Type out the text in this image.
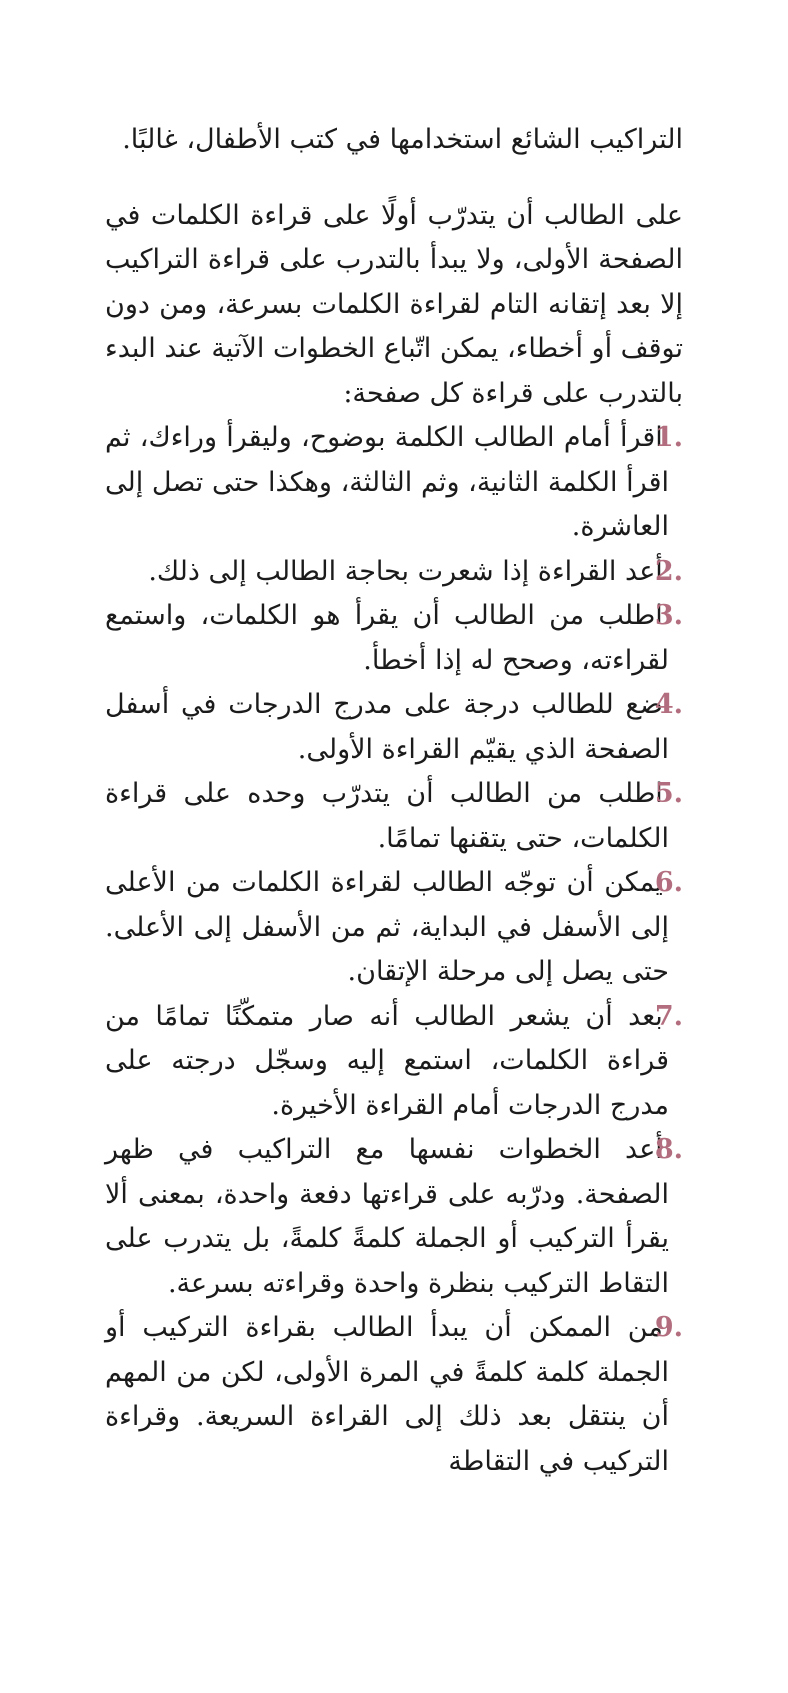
التراكيب الشائع استخدامها في كتب الأطفال، غالبًا.

على الطالب أن يتدرّب أولًا على قراءة الكلمات في الصفحة الأولى، ولا يبدأ بالتدرب على قراءة التراكيب إلا بعد إتقانه التام لقراءة الكلمات بسرعة، ومن دون توقف أو أخطاء، يمكن اتّباع الخطوات الآتية عند البدء بالتدرب على قراءة كل صفحة:

1.اقرأ أمام الطالب الكلمة بوضوح، وليقرأ وراءك، ثم اقرأ الكلمة الثانية، وثم الثالثة، وهكذا حتى تصل إلى العاشرة.

2.أعد القراءة إذا شعرت بحاجة الطالب إلى ذلك.

3.اطلب من الطالب أن يقرأ هو الكلمات، واستمع لقراءته، وصحح له إذا أخطأ.

4.ضع للطالب درجة على مدرج الدرجات في أسفل الصفحة الذي يقيّم القراءة الأولى.

5.اطلب من الطالب أن يتدرّب وحده على قراءة الكلمات، حتى يتقنها تمامًا.

6.يمكن أن توجّه الطالب لقراءة الكلمات من الأعلى إلى الأسفل في البداية، ثم من الأسفل إلى الأعلى. حتى يصل إلى مرحلة الإتقان.

7.بعد أن يشعر الطالب أنه صار متمكّنًا تمامًا من قراءة الكلمات، استمع إليه وسجّل درجته على مدرج الدرجات أمام القراءة الأخيرة.

8.أعد الخطوات نفسها مع التراكيب في ظهر الصفحة. ودرّبه على قراءتها دفعة واحدة، بمعنى ألا يقرأ التركيب أو الجملة كلمةً كلمةً، بل يتدرب على التقاط التركيب بنظرة واحدة وقراءته بسرعة.

9.من الممكن أن يبدأ الطالب بقراءة التركيب أو الجملة كلمة كلمةً في المرة الأولى، لكن من المهم أن ينتقل بعد ذلك إلى القراءة السريعة. وقراءة التركيب في التقاطة
